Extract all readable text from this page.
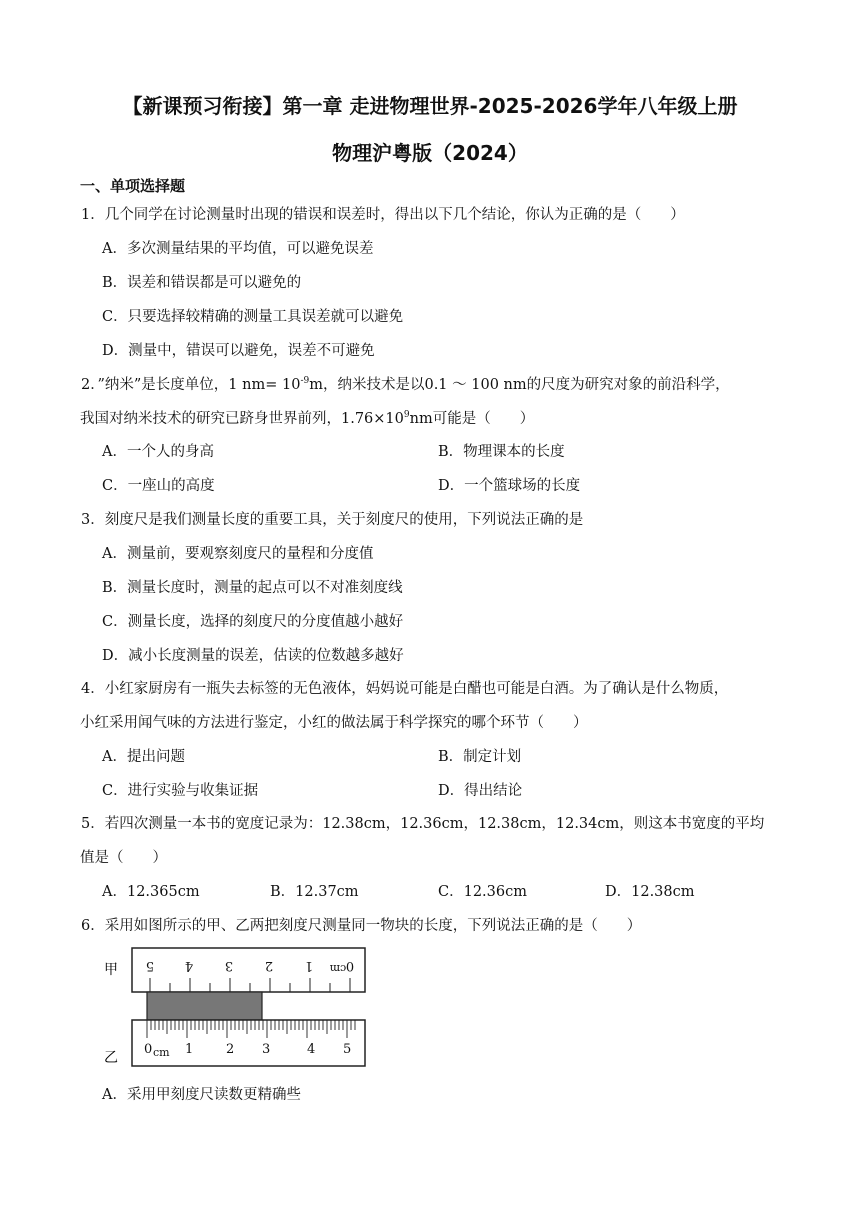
【新课预习衔接】第一章 走进物理世界-2025-2026学年八年级上册
物理沪粤版（2024）
一、单项选择题
1．几个同学在讨论测量时出现的错误和误差时，得出以下几个结论，你认为正确的是（　　）
A．多次测量结果的平均值，可以避免误差
B．误差和错误都是可以避免的
C．只要选择较精确的测量工具误差就可以避免
D．测量中，错误可以避免，误差不可避免
2．”纳米”是长度单位，1 $nm= 10^{-9}m$，纳米技术是以0.1 ～ 100 nm的尺度为研究对象的前沿科学，
我国对纳米技术的研究已跻身世界前列，$1.76\times 10^9nm$可能是（　　）
A．一个人的身高	B．物理课本的长度
C．一座山的高度	D．一个篮球场的长度
3．刻度尺是我们测量长度的重要工具，关于刻度尺的使用，下列说法正确的是
A．测量前，要观察刻度尺的量程和分度值
B．测量长度时，测量的起点可以不对准刻度线
C．测量长度，选择的刻度尺的分度值越小越好
D．减小长度测量的误差，估读的位数越多越好
4．小红家厨房有一瓶失去标签的无色液体，妈妈说可能是白醋也可能是白酒。为了确认是什么物质，
小红采用闻气味的方法进行鉴定，小红的做法属于科学探究的哪个环节（　　）
A．提出问题	B．制定计划
C．进行实验与收集证据	D．得出结论
5．若四次测量一本书的宽度记录为：12.38cm，12.36cm，12.38cm，12.34cm，则这本书宽度的平均
值是（　　）
A．12.365cm	B．12.37cm	C．12.36cm	D．12.38cm
6．采用如图所示的甲、乙两把刻度尺测量同一物块的长度，下列说法正确的是（　　）
甲
乙
5 4 3 2 1	0
cm
0 cm 1	2 3	4 5
A．采用甲刻度尺读数更精确些
